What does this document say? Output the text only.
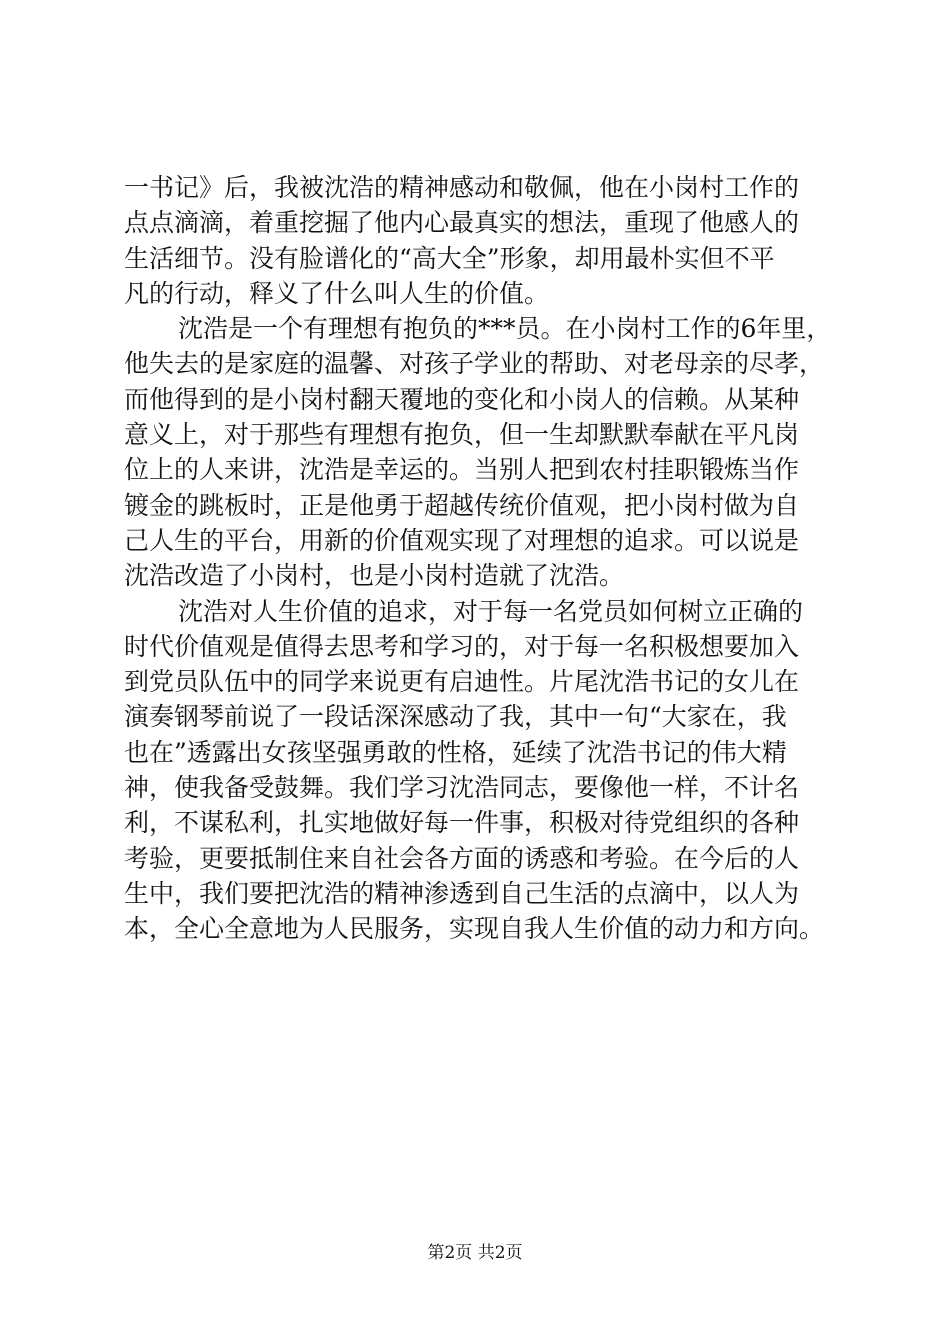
一书记》后，我被沈浩的精神感动和敬佩，他在小岗村工作的
点点滴滴，着重挖掘了他内心最真实的想法，重现了他感人的
生活细节。没有脸谱化的“高大全”形象，却用最朴实但不平
凡的行动，释义了什么叫人生的价值。
沈浩是一个有理想有抱负的***员。在小岗村工作的6年里，
他失去的是家庭的温馨、对孩子学业的帮助、对老母亲的尽孝，
而他得到的是小岗村翻天覆地的变化和小岗人的信赖。从某种
意义上，对于那些有理想有抱负，但一生却默默奉献在平凡岗
位上的人来讲，沈浩是幸运的。当别人把到农村挂职锻炼当作
镀金的跳板时，正是他勇于超越传统价值观，把小岗村做为自
己人生的平台，用新的价值观实现了对理想的追求。可以说是
沈浩改造了小岗村，也是小岗村造就了沈浩。
沈浩对人生价值的追求，对于每一名党员如何树立正确的
时代价值观是值得去思考和学习的，对于每一名积极想要加入
到党员队伍中的同学来说更有启迪性。片尾沈浩书记的女儿在
演奏钢琴前说了一段话深深感动了我，其中一句“大家在，我
也在”透露出女孩坚强勇敢的性格，延续了沈浩书记的伟大精
神，使我备受鼓舞。我们学习沈浩同志，要像他一样，不计名
利，不谋私利，扎实地做好每一件事，积极对待党组织的各种
考验，更要抵制住来自社会各方面的诱惑和考验。在今后的人
生中，我们要把沈浩的精神渗透到自己生活的点滴中，以人为
本，全心全意地为人民服务，实现自我人生价值的动力和方向。
第2页 共2页
